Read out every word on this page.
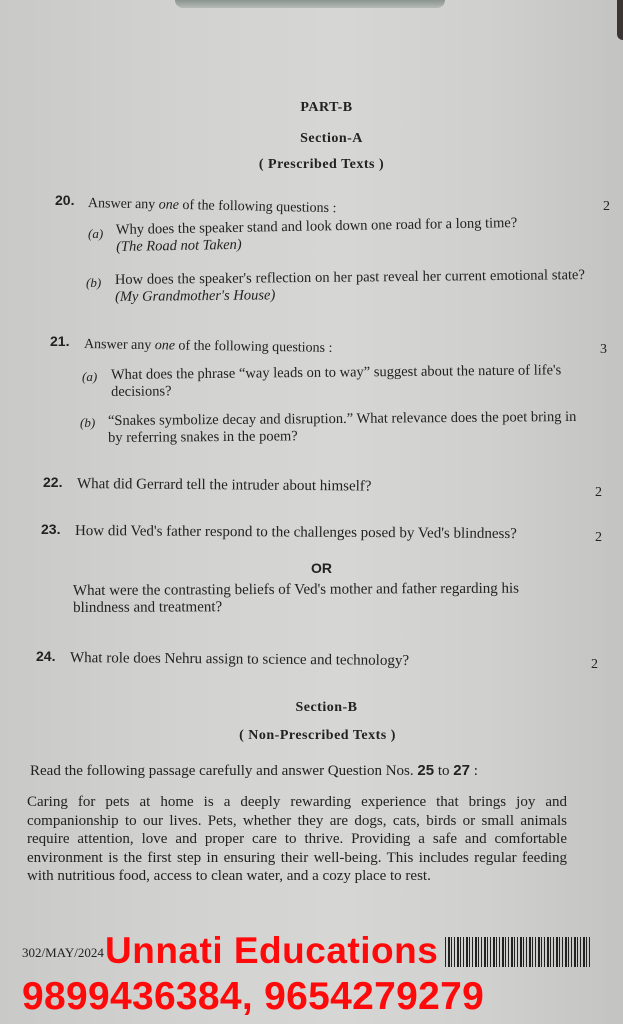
PART-B
Section-A
( Prescribed Texts )
20. Answer any one of the following questions :	2
(a) Why does the speaker stand and look down one road for a long time?
(The Road not Taken)
(b) How does the speaker's reflection on her past reveal her current emotional state? (My Grandmother's House)
21. Answer any one of the following questions :	3
(a) What does the phrase “way leads on to way” suggest about the nature of life's decisions?
(b) “Snakes symbolize decay and disruption.” What relevance does the poet bring in by referring snakes in the poem?
22. What did Gerrard tell the intruder about himself?	2
23. How did Ved's father respond to the challenges posed by Ved's blindness?	2
OR
What were the contrasting beliefs of Ved's mother and father regarding his blindness and treatment?
24. What role does Nehru assign to science and technology?	2
Section-B
( Non-Prescribed Texts )
Read the following passage carefully and answer Question Nos. 25 to 27 :
Caring for pets at home is a deeply rewarding experience that brings joy and companionship to our lives. Pets, whether they are dogs, cats, birds or small animals require attention, love and proper care to thrive. Providing a safe and comfortable environment is the first step in ensuring their well-being. This includes regular feeding with nutritious food, access to clean water, and a cozy place to rest.
302/MAY/2024 Unnati Educations
9899436384, 9654279279
